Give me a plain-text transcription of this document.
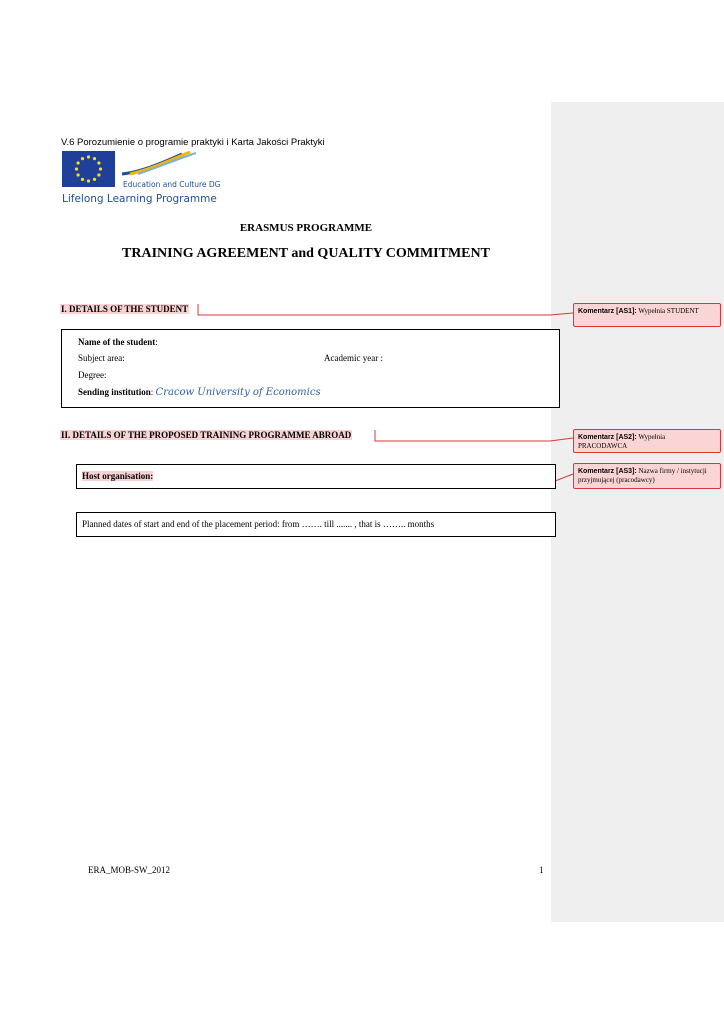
V.6 Porozumienie o programie praktyki i Karta Jakości Praktyki
Education and Culture DG
Lifelong Learning Programme
ERASMUS PROGRAMME
TRAINING AGREEMENT and QUALITY COMMITMENT
I. DETAILS OF THE STUDENT
Name of the student:
Subject area:	Academic year :
Degree:
Sending institution: Cracow University of Economics
II. DETAILS OF THE PROPOSED TRAINING PROGRAMME ABROAD
Host organisation:
Planned dates of start and end of the placement period: from ……. till ....... , that is …….. months
Komentarz [AS1]: Wypełnia STUDENT
Komentarz [AS2]: Wypełnia PRACODAWCA
Komentarz [AS3]: Nazwa firmy / instytucji przyjmującej (pracodawcy)
ERA_MOB-SW_2012	1
